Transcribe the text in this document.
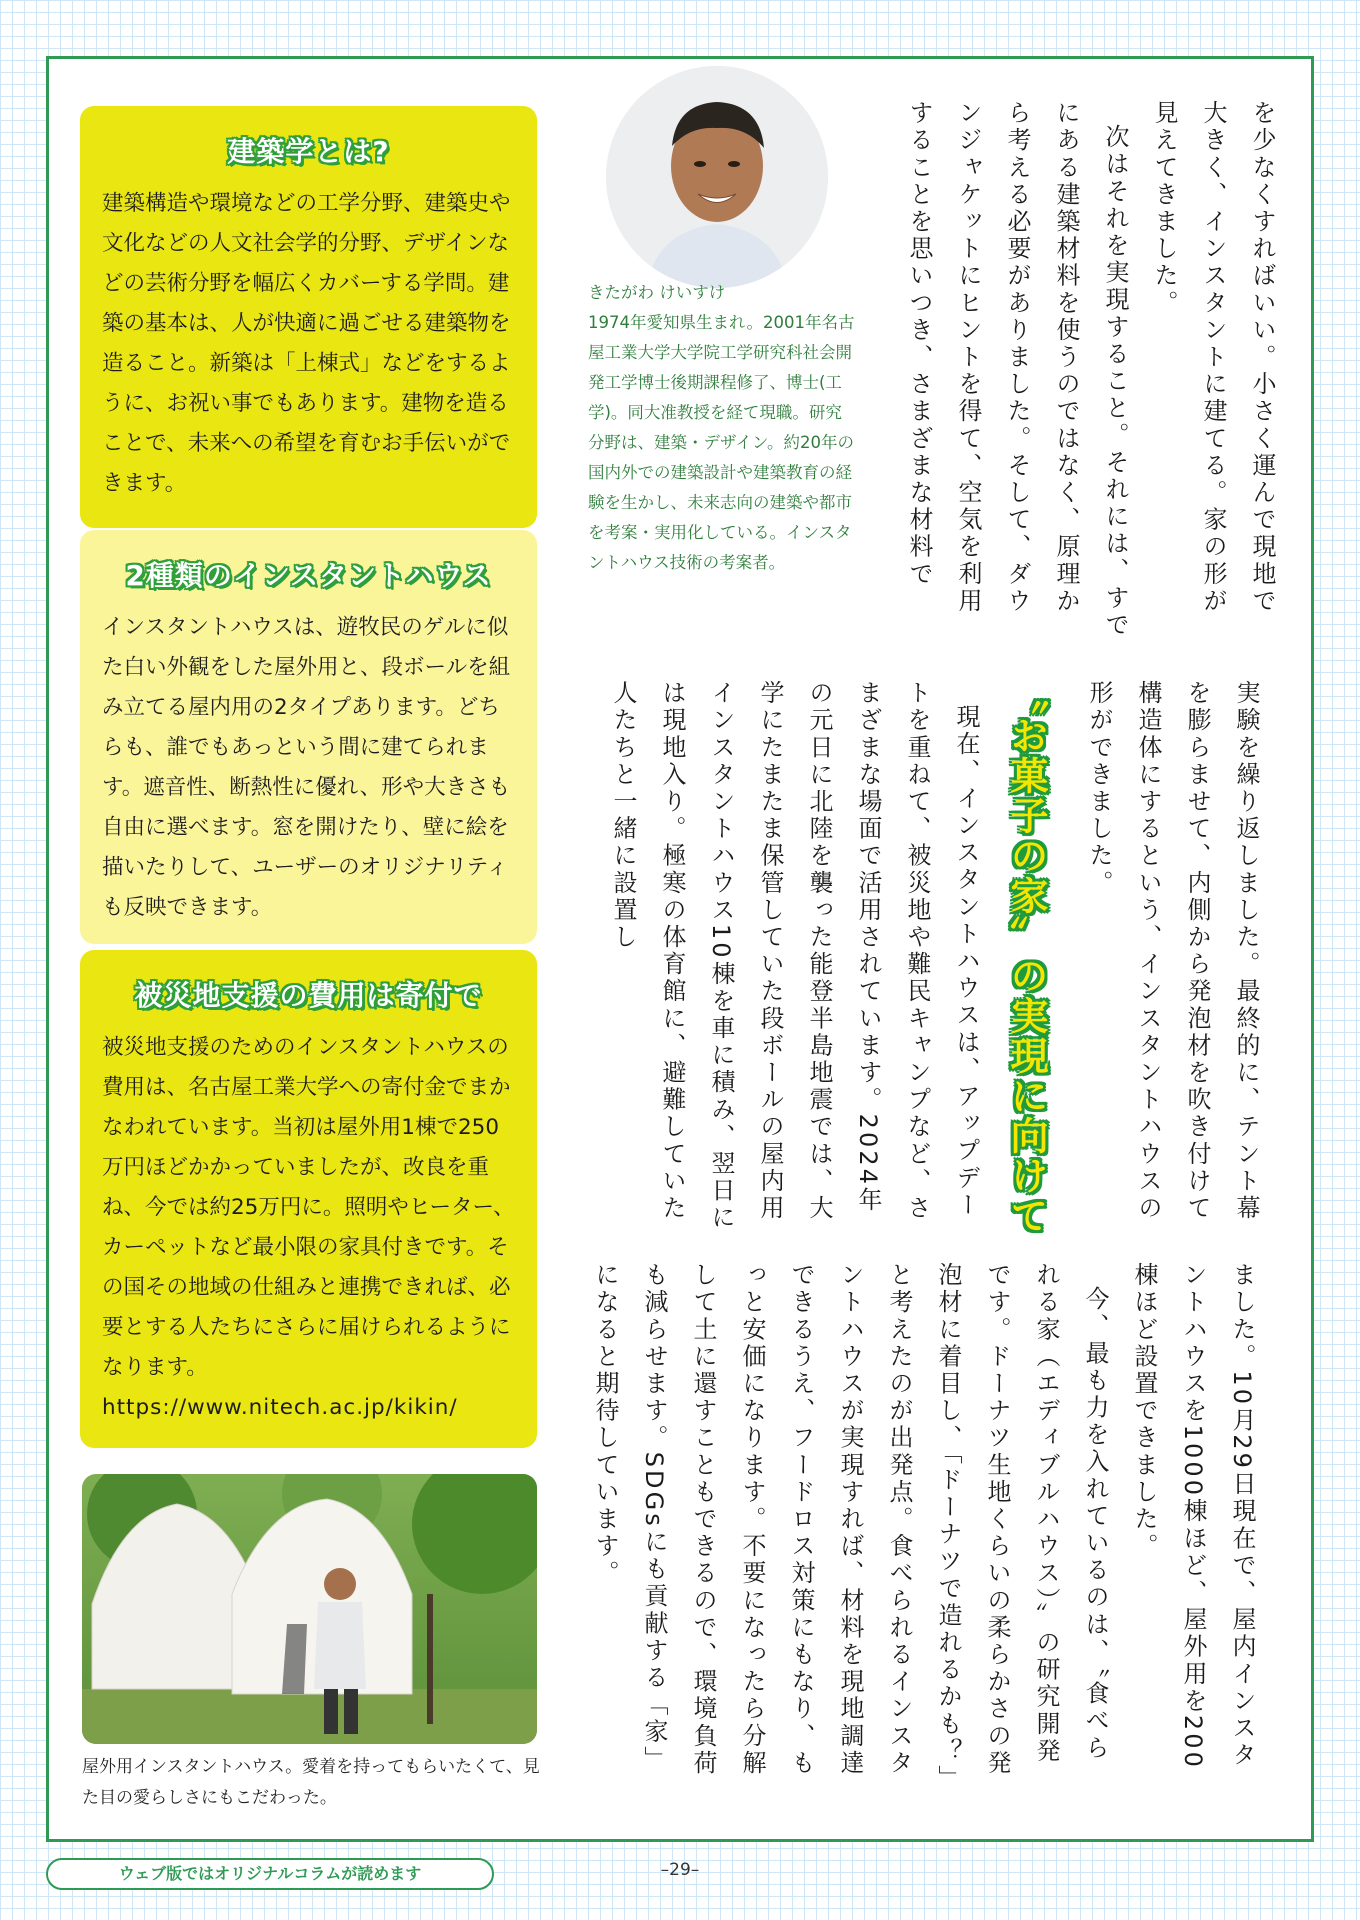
建築学とは?
建築構造や環境などの工学分野、建築史や文化などの人文社会学的分野、デザインなどの芸術分野を幅広くカバーする学問。建築の基本は、人が快適に過ごせる建築物を造ること。新築は「上棟式」などをするように、お祝い事でもあります。建物を造ることで、未来への希望を育むお手伝いができます。
2種類のインスタントハウス
インスタントハウスは、遊牧民のゲルに似た白い外観をした屋外用と、段ボールを組み立てる屋内用の2タイプあります。どちらも、誰でもあっという間に建てられます。遮音性、断熱性に優れ、形や大きさも自由に選べます。窓を開けたり、壁に絵を描いたりして、ユーザーのオリジナリティも反映できます。
被災地支援の費用は寄付で
被災地支援のためのインスタントハウスの費用は、名古屋工業大学への寄付金でまかなわれています。当初は屋外用1棟で250万円ほどかかっていましたが、改良を重ね、今では約25万円に。照明やヒーター、カーペットなど最小限の家具付きです。その国その地域の仕組みと連携できれば、必要とする人たちにさらに届けられるようになります。
https://www.nitech.ac.jp/kikin/
屋外用インスタントハウス。愛着を持ってもらいたくて、見た目の愛らしさにもこだわった。
きたがわ けいすけ
1974年愛知県生まれ。2001年名古屋工業大学大学院工学研究科社会開発工学博士後期課程修了、博士(工学)。同大准教授を経て現職。研究分野は、建築・デザイン。約20年の国内外での建築設計や建築教育の経験を生かし、未来志向の建築や都市を考案・実用化している。インスタントハウス技術の考案者。	を少なくすればいい。小さく運んで現地で大きく、インスタントに建てる。家の形が見えてきました。

次はそれを実現すること。それには、すでにある建築材料を使うのではなく、原理から考える必要がありました。そして、ダウンジャケットにヒントを得て、空気を利用することを思いつき、さまざまな材料で

実験を繰り返しました。最終的に、テント幕を膨らませて、内側から発泡材を吹き付けて構造体にするという、インスタントハウスの形ができました。

〝お菓子の家〟の実現に向けて

現在、インスタントハウスは、アップデートを重ねて、被災地や難民キャンプなど、さまざまな場面で活用されています。2024年の元日に北陸を襲った能登半島地震では、大学にたまたま保管していた段ボールの屋内用インスタントハウス10棟を車に積み、翌日には現地入り。極寒の体育館に、避難していた人たちと一緒に設置し

ました。10月29日現在で、屋内インスタントハウスを1000棟ほど、屋外用を200棟ほど設置できました。

今、最も力を入れているのは、〝食べられる家（エディブルハウス）〟の研究開発です。ドーナツ生地くらいの柔らかさの発泡材に着目し、「ドーナツで造れるかも？」と考えたのが出発点。食べられるインスタントハウスが実現すれば、材料を現地調達できるうえ、フードロス対策にもなり、もっと安価になります。不要になったら分解して土に還すこともできるので、環境負荷も減らせます。SDGsにも貢献する「家」になると期待しています。

ウェブ版ではオリジナルコラムが読めます	–29–
